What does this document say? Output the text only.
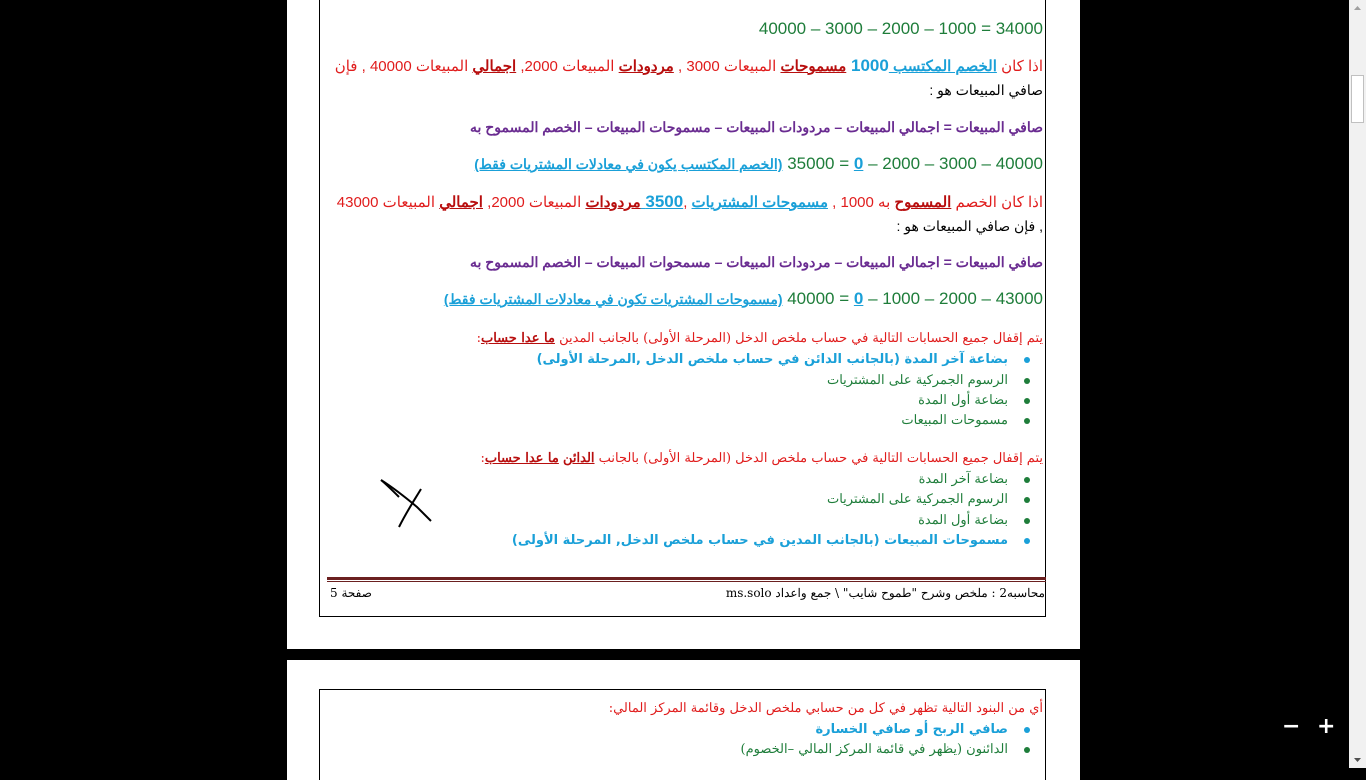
34000 = 1000 – 2000 – 3000 – 40000
اذا كان الخصم المكتسب 1000 مسموحات المبيعات 3000 , مردودات المبيعات 2000, اجمالي المبيعات 40000 , فإن
صافي المبيعات هو :
صافي المبيعات = اجمالي المبيعات – مردودات المبيعات – مسموحات المبيعات – الخصم المسموح به
40000 – 3000 – 2000 – 0 = 35000 (الخصم المكتسب يكون في معادلات المشتريات فقط)
اذا كان الخصم المسموح به 1000 , مسموحات المشتريات ,3500 مردودات المبيعات 2000, اجمالي المبيعات 43000
, فإن صافي المبيعات هو :
صافي المبيعات = اجمالي المبيعات – مردودات المبيعات – مسمحوات المبيعات – الخصم المسموح به
43000 – 2000 – 1000 – 0 = 40000 (مسموحات المشتريات تكون في معادلات المشتريات فقط)
يتم إقفال جميع الحسابات التالية في حساب ملخص الدخل (المرحلة الأولى) بالجانب المدين ما عدا حساب:
بضاعة آخر المدة (بالجانب الدائن في حساب ملخص الدخل ,المرحلة الأولى)
الرسوم الجمركية على المشتريات
بضاعة أول المدة
مسموحات المبيعات
يتم إقفال جميع الحسابات التالية في حساب ملخص الدخل (المرحلة الأولى) بالجانب الدائن ما عدا حساب:
بضاعة آخر المدة
الرسوم الجمركية على المشتريات
بضاعة أول المدة
مسموحات المبيعات (بالجانب المدين في حساب ملخص الدخل, المرحلة الأولى)
صفحة 5	محاسبه2 : ملخص وشرح "طموح شايب" \ جمع واعداد ms.solo
أي من البنود التالية تظهر في كل من حسابي ملخص الدخل وقائمة المركز المالي:
صافي الربح أو صافي الخسارة
الدائنون (يظهر في قائمة المركز المالي –الخصوم)
− +
